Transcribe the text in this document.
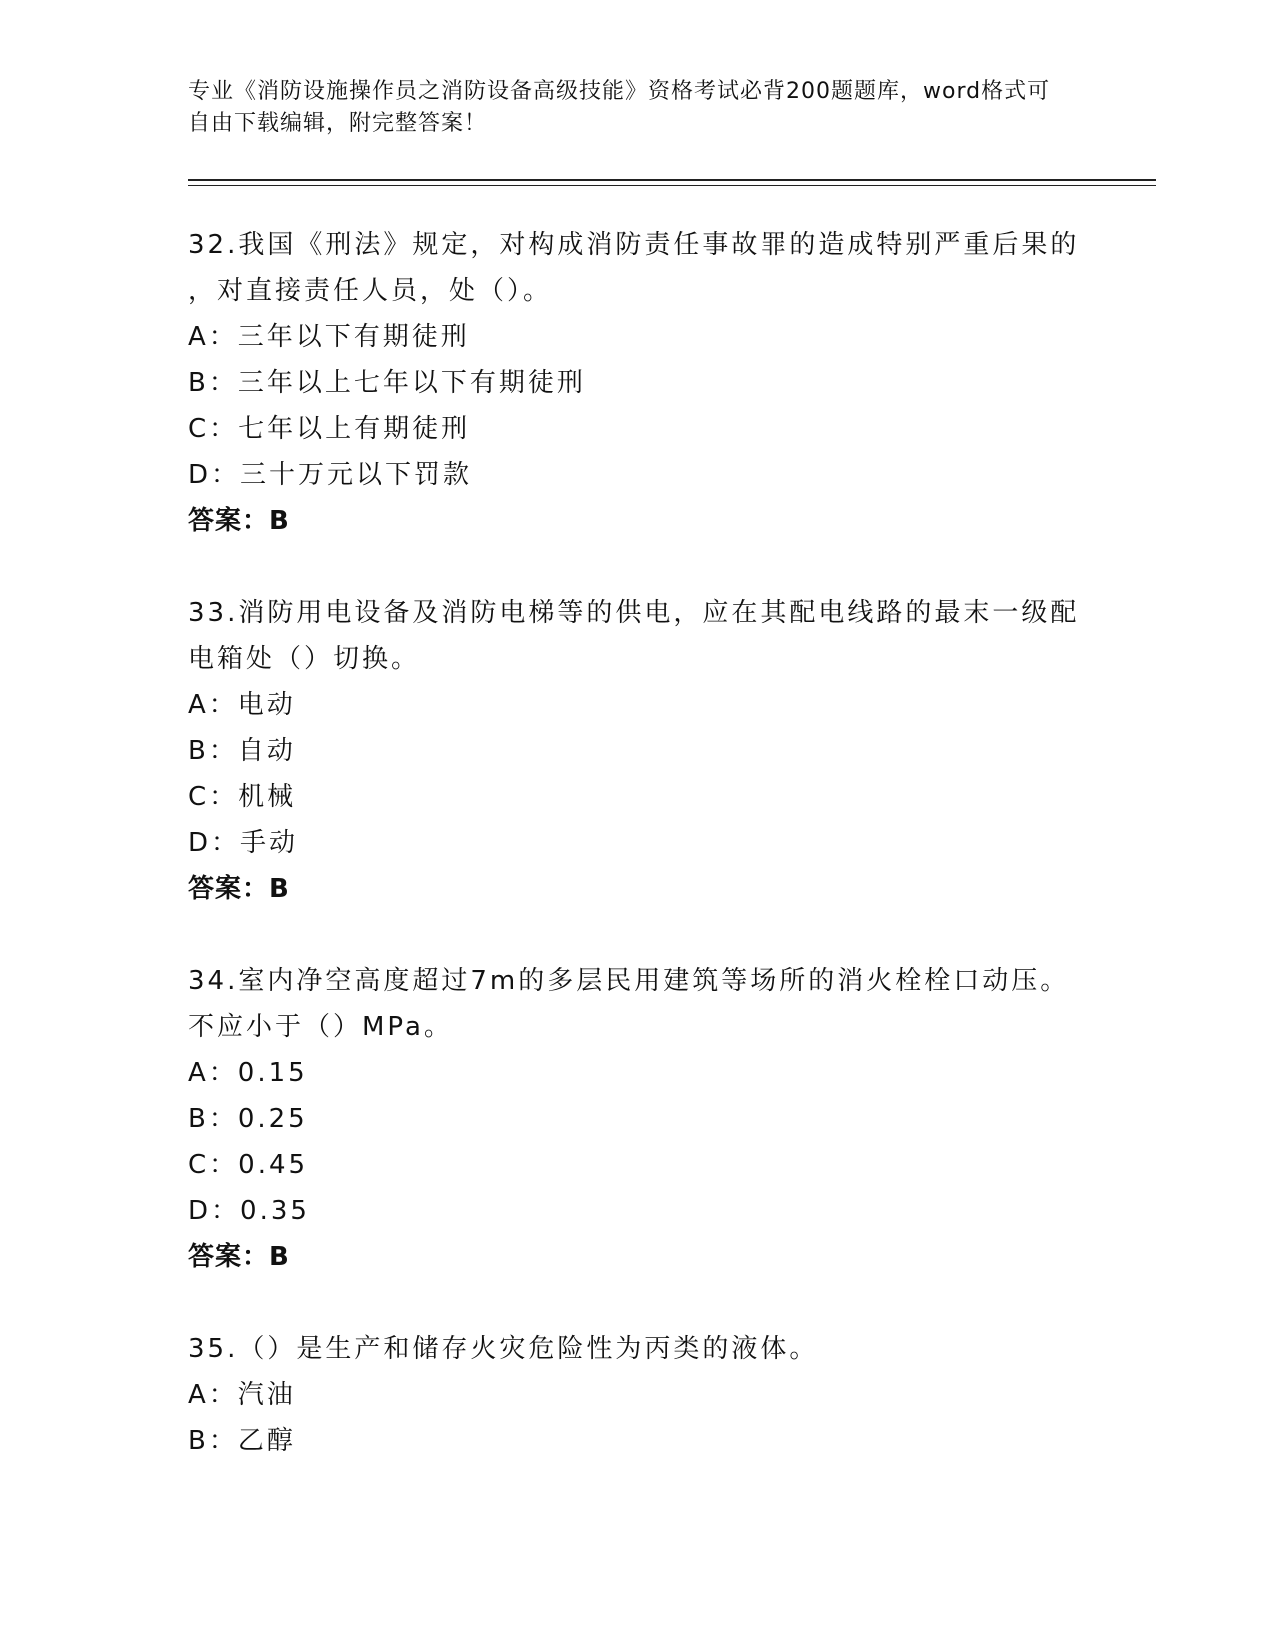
专业《消防设施操作员之消防设备高级技能》资格考试必背200题题库，word格式可自由下载编辑，附完整答案！

32.我国《刑法》规定，对构成消防责任事故罪的造成特别严重后果的
，对直接责任人员，处（）。

A：三年以下有期徒刑

B：三年以上七年以下有期徒刑

C：七年以上有期徒刑

D：三十万元以下罚款

答案：B

33.消防用电设备及消防电梯等的供电，应在其配电线路的最末一级配
电箱处（）切换。

A：电动

B：自动

C：机械

D：手动

答案：B

34.室内净空高度超过7m的多层民用建筑等场所的消火栓栓口动压。
不应小于（）MPa。

A：0.15

B：0.25

C：0.45

D：0.35

答案：B

35.（）是生产和储存火灾危险性为丙类的液体。

A：汽油

B：乙醇
